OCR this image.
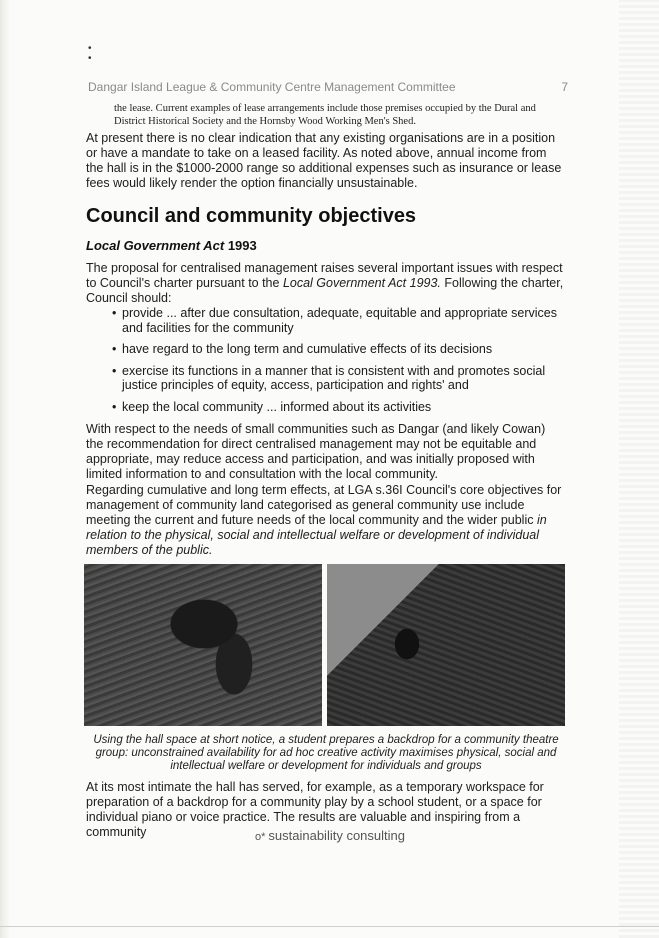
•
•
Dangar Island League & Community Centre Management Committee	7
the lease. Current examples of lease arrangements include those premises occupied by the Dural and District Historical Society and the Hornsby Wood Working Men's Shed.
At present there is no clear indication that any existing organisations are in a position or have a mandate to take on a leased facility. As noted above, annual income from the hall is in the $1000-2000 range so additional expenses such as insurance or lease fees would likely render the option financially unsustainable.
Council and community objectives
Local Government Act 1993
The proposal for centralised management raises several important issues with respect to Council's charter pursuant to the Local Government Act 1993. Following the charter, Council should:
• provide ... after due consultation, adequate, equitable and appropriate services and facilities for the community
• have regard to the long term and cumulative effects of its decisions
• exercise its functions in a manner that is consistent with and promotes social justice principles of equity, access, participation and rights' and
• keep the local community ... informed about its activities
With respect to the needs of small communities such as Dangar (and likely Cowan) the recommendation for direct centralised management may not be equitable and appropriate, may reduce access and participation, and was initially proposed with limited information to and consultation with the local community.
Regarding cumulative and long term effects, at LGA s.36I Council's core objectives for management of community land categorised as general community use include meeting the current and future needs of the local community and the wider public in relation to the physical, social and intellectual welfare or development of individual members of the public.
Using the hall space at short notice, a student prepares a backdrop for a community theatre group: unconstrained availability for ad hoc creative activity maximises physical, social and intellectual welfare or development for individuals and groups
At its most intimate the hall has served, for example, as a temporary workspace for preparation of a backdrop for a community play by a school student, or a space for individual piano or voice practice. The results are valuable and inspiring from a community	o* sustainability consulting
